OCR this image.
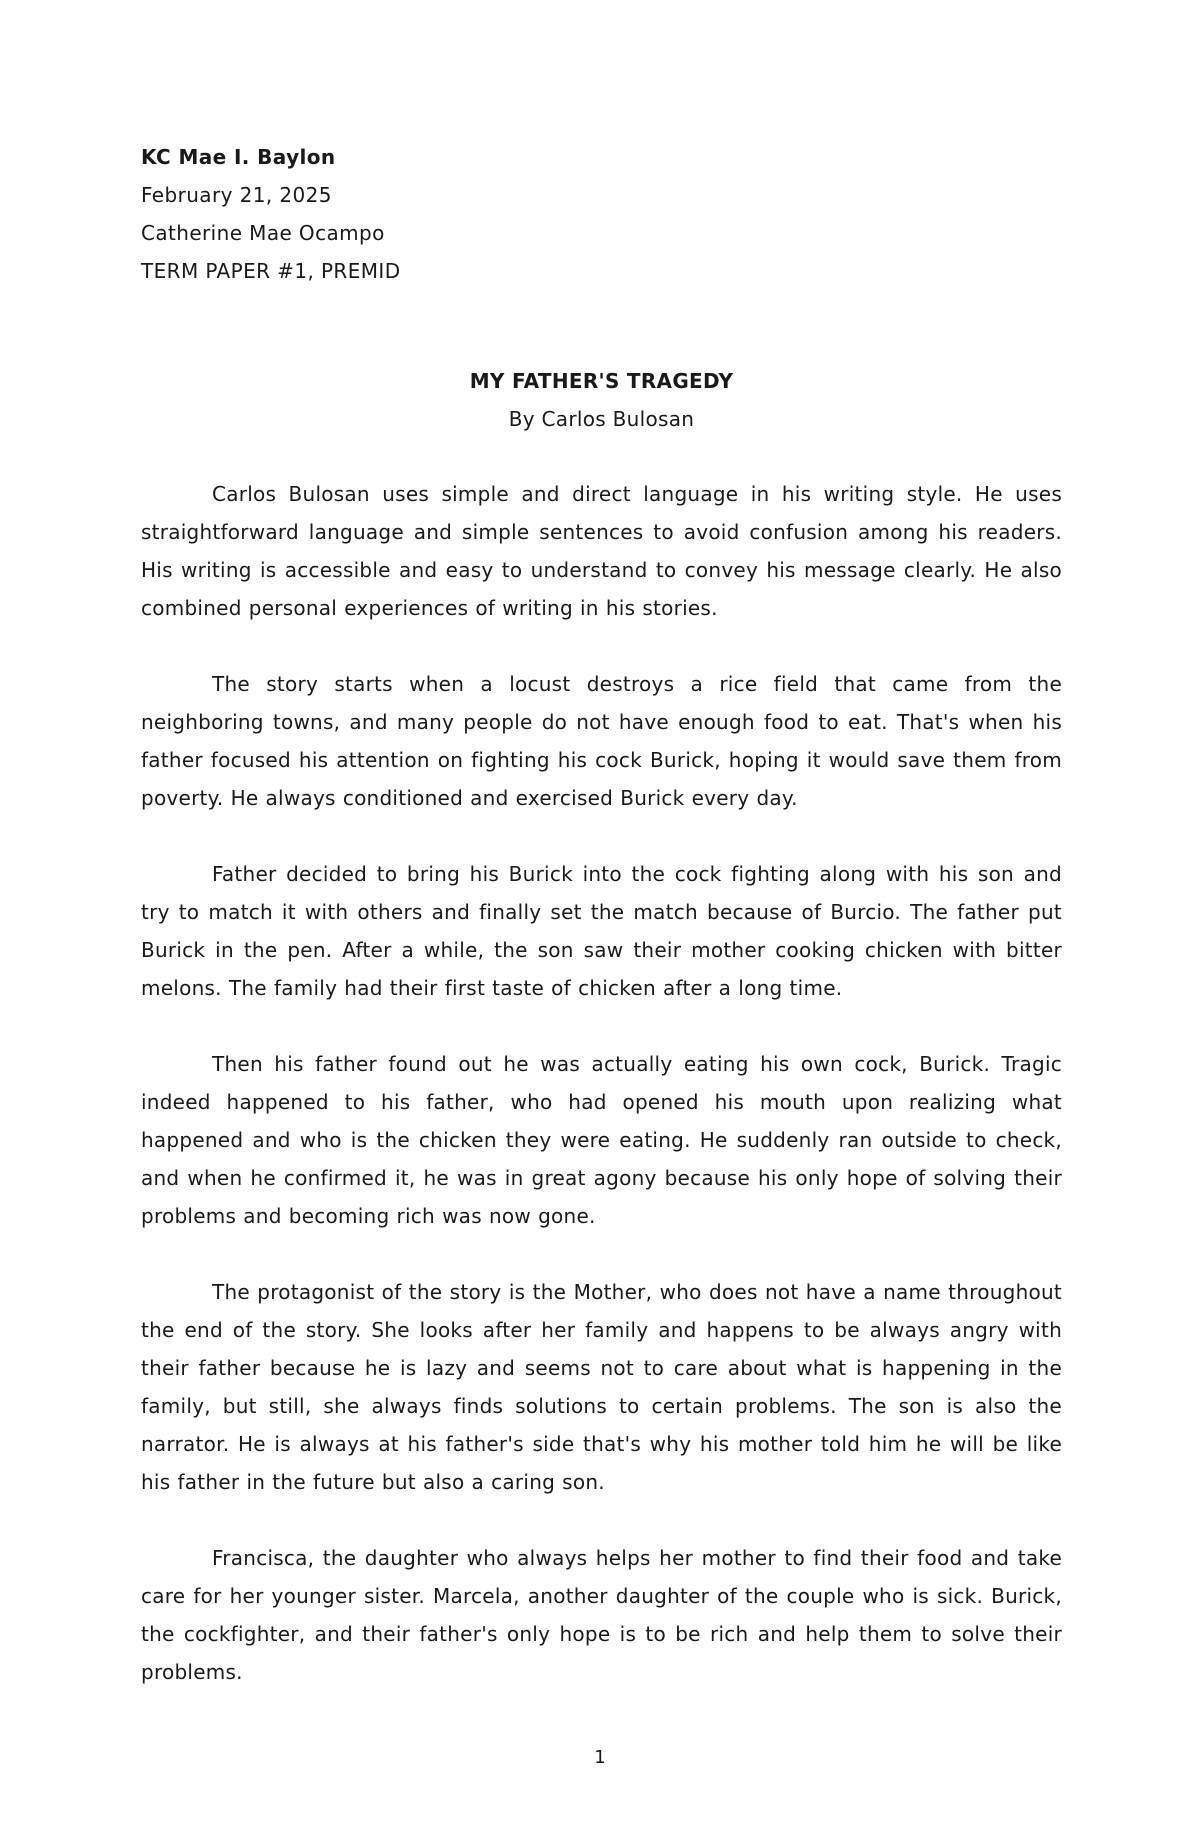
KC Mae I. Baylon
February 21, 2025
Catherine Mae Ocampo
TERM PAPER #1, PREMID
MY FATHER'S TRAGEDY
By Carlos Bulosan

Carlos Bulosan uses simple and direct language in his writing style. He uses straightforward language and simple sentences to avoid confusion among his readers. His writing is accessible and easy to understand to convey his message clearly. He also combined personal experiences of writing in his stories.

The story starts when a locust destroys a rice field that came from the neighboring towns, and many people do not have enough food to eat. That's when his father focused his attention on fighting his cock Burick, hoping it would save them from poverty. He always conditioned and exercised Burick every day.

Father decided to bring his Burick into the cock fighting along with his son and try to match it with others and finally set the match because of Burcio. The father put Burick in the pen. After a while, the son saw their mother cooking chicken with bitter melons. The family had their first taste of chicken after a long time.

Then his father found out he was actually eating his own cock, Burick. Tragic indeed happened to his father, who had opened his mouth upon realizing what happened and who is the chicken they were eating. He suddenly ran outside to check, and when he confirmed it, he was in great agony because his only hope of solving their problems and becoming rich was now gone.

The protagonist of the story is the Mother, who does not have a name throughout the end of the story. She looks after her family and happens to be always angry with their father because he is lazy and seems not to care about what is happening in the family, but still, she always finds solutions to certain problems. The son is also the narrator. He is always at his father's side that's why his mother told him he will be like his father in the future but also a caring son.

Francisca, the daughter who always helps her mother to find their food and take care for her younger sister. Marcela, another daughter of the couple who is sick. Burick, the cockfighter, and their father's only hope is to be rich and help them to solve their problems.

1
